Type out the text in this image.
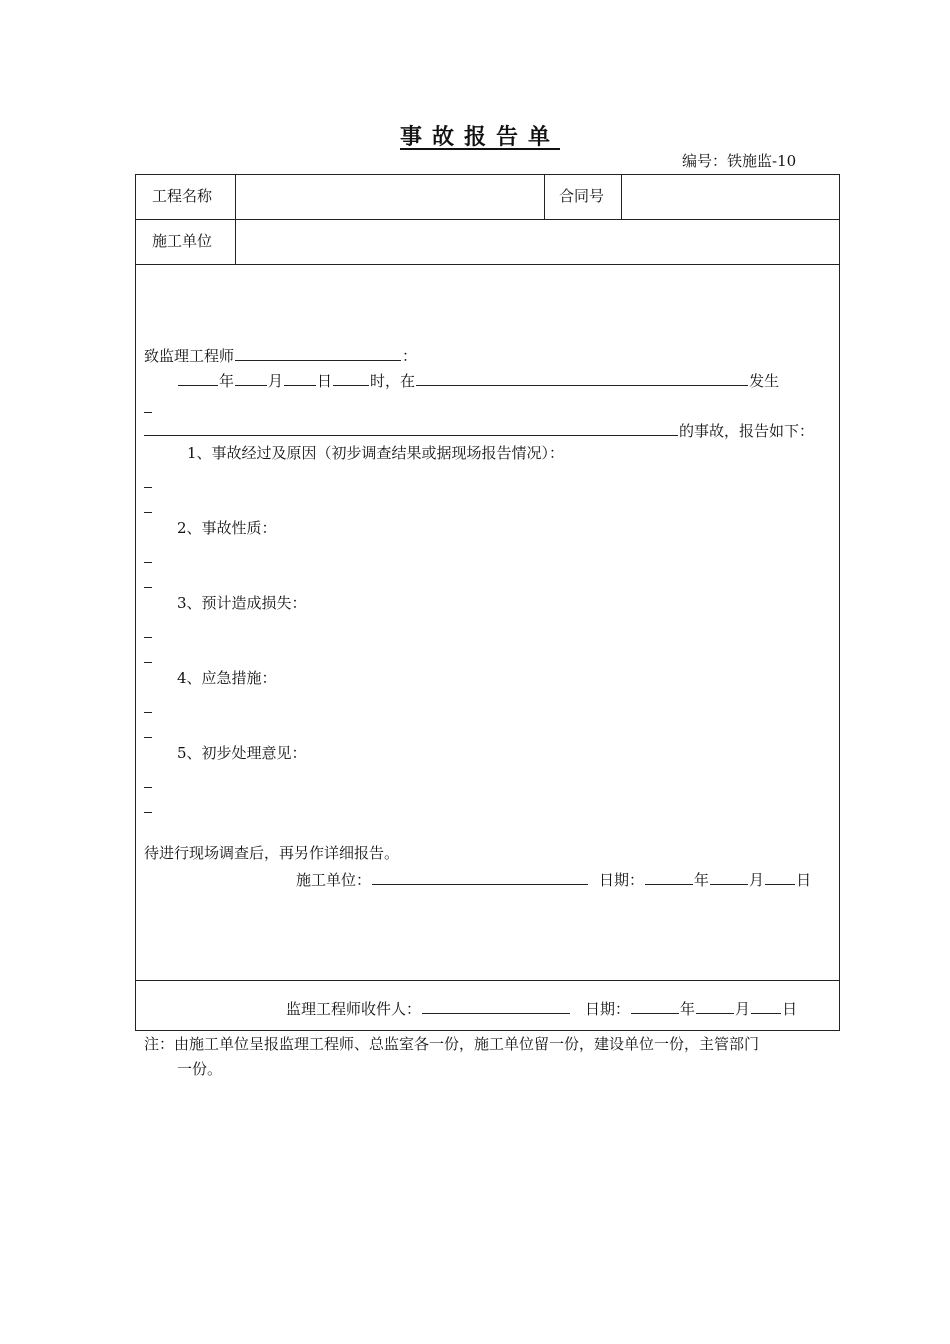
事故报告单
编号：铁施监-10
工程名称	合同号
施工单位
致监理工程师	：
年 月 日	时，在	发生
的事故，报告如下：
1、事故经过及原因（初步调查结果或据现场报告情况）：
2、事故性质：
3、预计造成损失：
4、应急措施：
5、初步处理意见：
待进行现场调查后，再另作详细报告。
施工单位：	日期：	年	月 日
监理工程师收件人：	日期：	年	月 日
注：由施工单位呈报监理工程师、总监室各一份，施工单位留一份，建设单位一份，主管部门
一份。
